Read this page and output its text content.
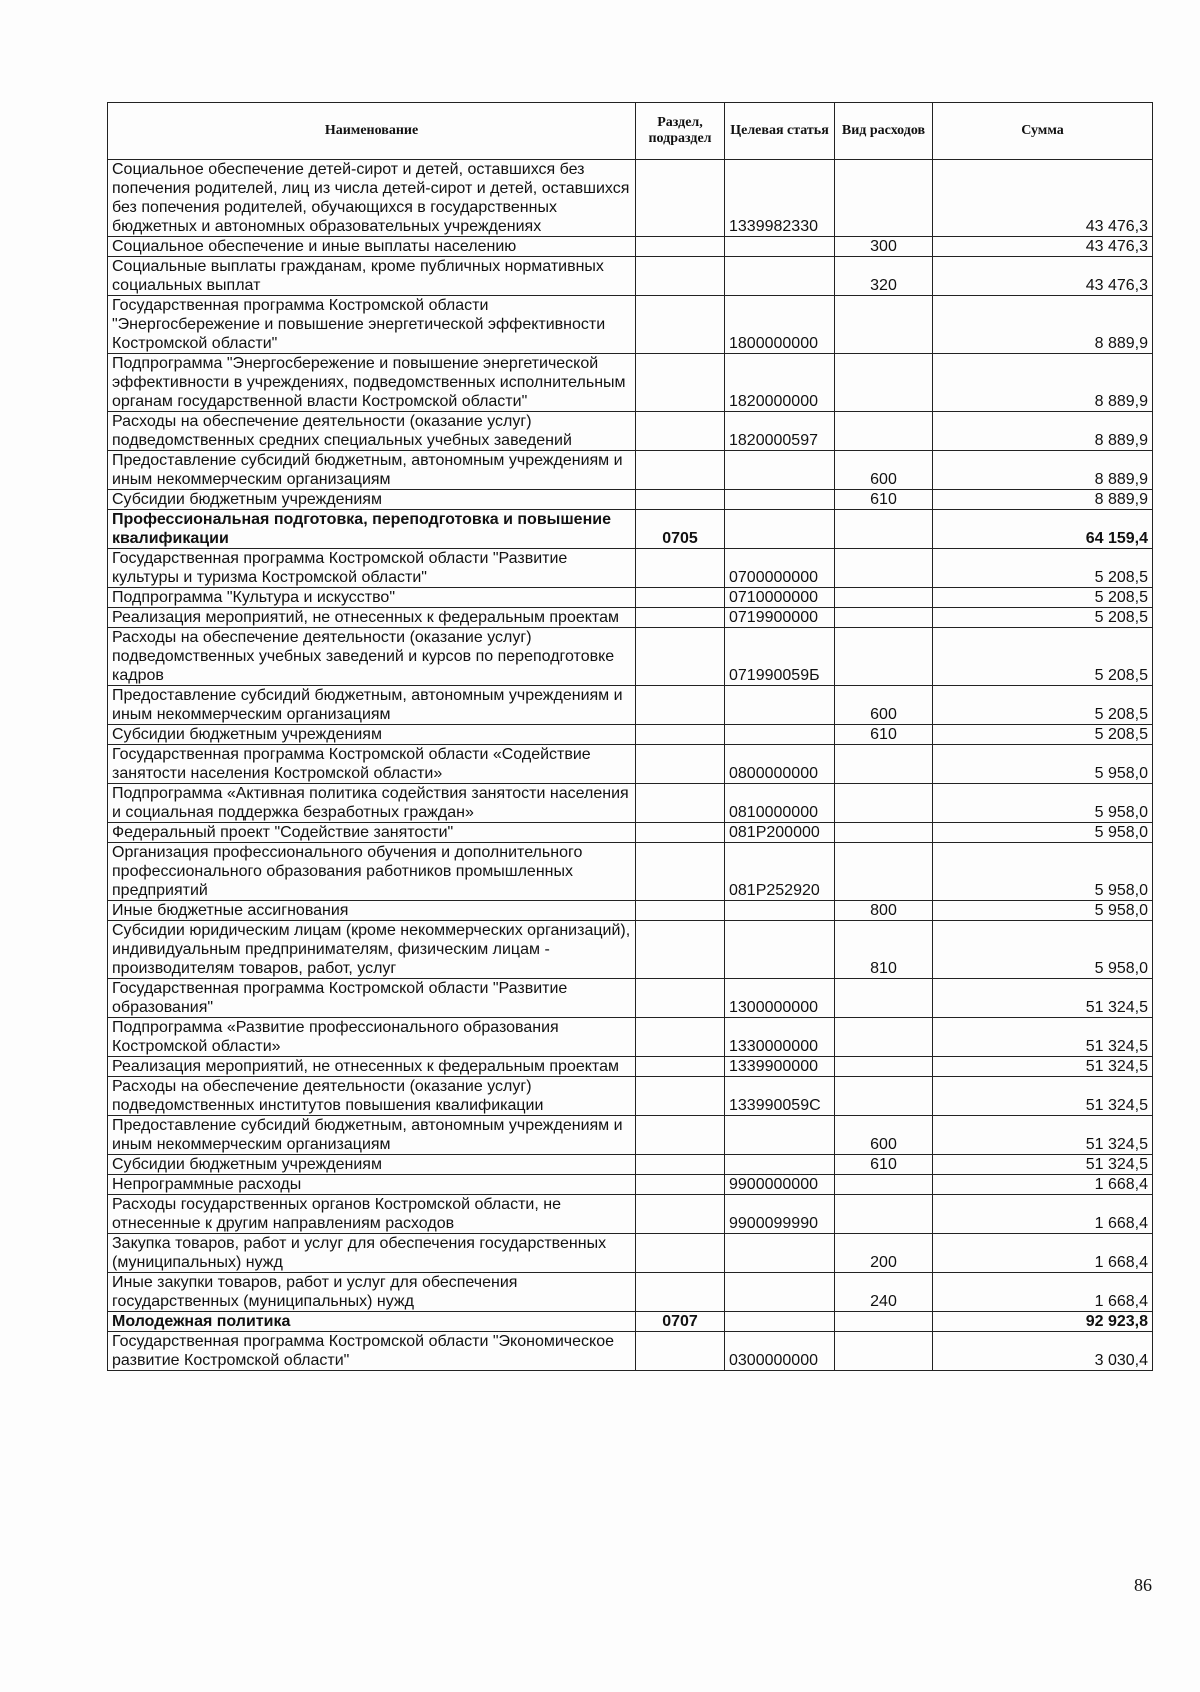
Наименование	Раздел, подраздел	Целевая статья	Вид расходов	Сумма
Социальное обеспечение детей-сирот и детей, оставшихся без попечения родителей, лиц из числа детей-сирот и детей, оставшихся без попечения родителей, обучающихся в государственных бюджетных и автономных образовательных учреждениях		1339982330		43 476,3
Социальное обеспечение и иные выплаты населению			300	43 476,3
Социальные выплаты гражданам, кроме публичных нормативных социальных выплат			320	43 476,3
Государственная программа Костромской области "Энергосбережение и повышение энергетической эффективности Костромской области"		1800000000		8 889,9
Подпрограмма "Энергосбережение и повышение энергетической эффективности в учреждениях, подведомственных исполнительным органам государственной власти Костромской области"		1820000000		8 889,9
Расходы на обеспечение деятельности (оказание услуг) подведомственных средних специальных учебных заведений		1820000597		8 889,9
Предоставление субсидий бюджетным, автономным учреждениям и иным некоммерческим организациям			600	8 889,9
Субсидии бюджетным учреждениям			610	8 889,9
Профессиональная подготовка, переподготовка и повышение квалификации	0705			64 159,4
Государственная программа Костромской области "Развитие культуры и туризма Костромской области"		0700000000		5 208,5
Подпрограмма "Культура и искусство"		0710000000		5 208,5
Реализация мероприятий, не отнесенных к федеральным проектам		0719900000		5 208,5
Расходы на обеспечение деятельности (оказание услуг) подведомственных учебных заведений и курсов по переподготовке кадров		071990059Б		5 208,5
Предоставление субсидий бюджетным, автономным учреждениям и иным некоммерческим организациям			600	5 208,5
Субсидии бюджетным учреждениям			610	5 208,5
Государственная программа Костромской области «Содействие занятости населения Костромской области»		0800000000		5 958,0
Подпрограмма «Активная политика содействия занятости населения и социальная поддержка безработных граждан»		0810000000		5 958,0
Федеральный проект "Содействие занятости"		081Р200000		5 958,0
Организация профессионального обучения и дополнительного профессионального образования работников промышленных предприятий		081Р252920		5 958,0
Иные бюджетные ассигнования			800	5 958,0
Субсидии юридическим лицам (кроме некоммерческих организаций), индивидуальным предпринимателям, физическим лицам - производителям товаров, работ, услуг			810	5 958,0
Государственная программа Костромской области "Развитие образования"		1300000000		51 324,5
Подпрограмма «Развитие профессионального образования Костромской области»		1330000000		51 324,5
Реализация мероприятий, не отнесенных к федеральным проектам		1339900000		51 324,5
Расходы на обеспечение деятельности (оказание услуг) подведомственных институтов повышения квалификации		133990059С		51 324,5
Предоставление субсидий бюджетным, автономным учреждениям и иным некоммерческим организациям			600	51 324,5
Субсидии бюджетным учреждениям			610	51 324,5
Непрограммные расходы		9900000000		1 668,4
Расходы государственных органов Костромской области, не отнесенные к другим направлениям расходов		9900099990		1 668,4
Закупка товаров, работ и услуг для обеспечения государственных (муниципальных) нужд			200	1 668,4
Иные закупки товаров, работ и услуг для обеспечения государственных (муниципальных) нужд			240	1 668,4
Молодежная политика	0707			92 923,8
Государственная программа Костромской области "Экономическое развитие Костромской области"		0300000000		3 030,4
86
